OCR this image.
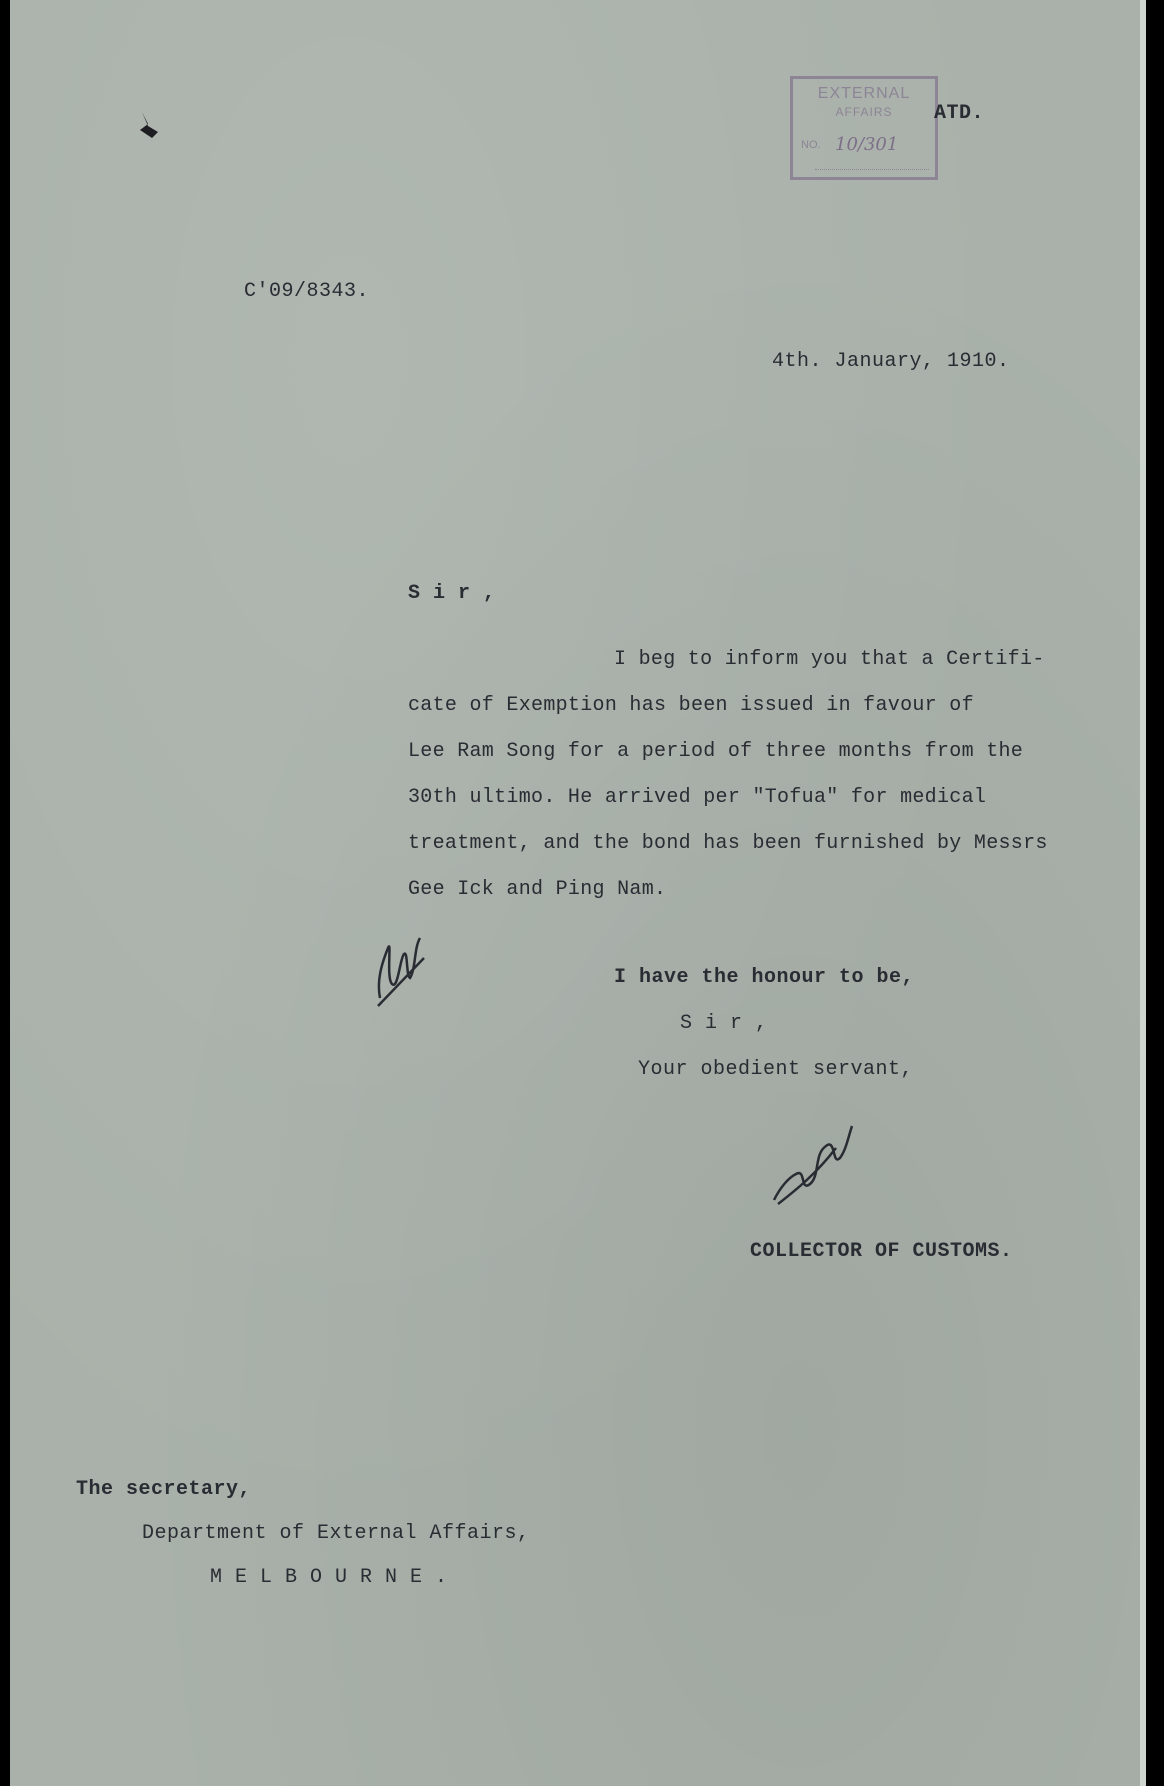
EXTERNAL
AFFAIRS
NO. 10/301

ATD.

C'09/8343.

4th. January, 1910.

S i r ,

I beg to inform you that a Certifi-

cate of Exemption has been issued in favour of

Lee Ram Song for a period of three months from the

30th ultimo. He arrived per "Tofua" for medical

treatment, and the bond has been furnished by Messrs

Gee Ick and Ping Nam.

I have the honour to be,

S i r ,

Your obedient servant,

COLLECTOR OF CUSTOMS.

The secretary,

Department of External Affairs,

M E L B O U R N E .
